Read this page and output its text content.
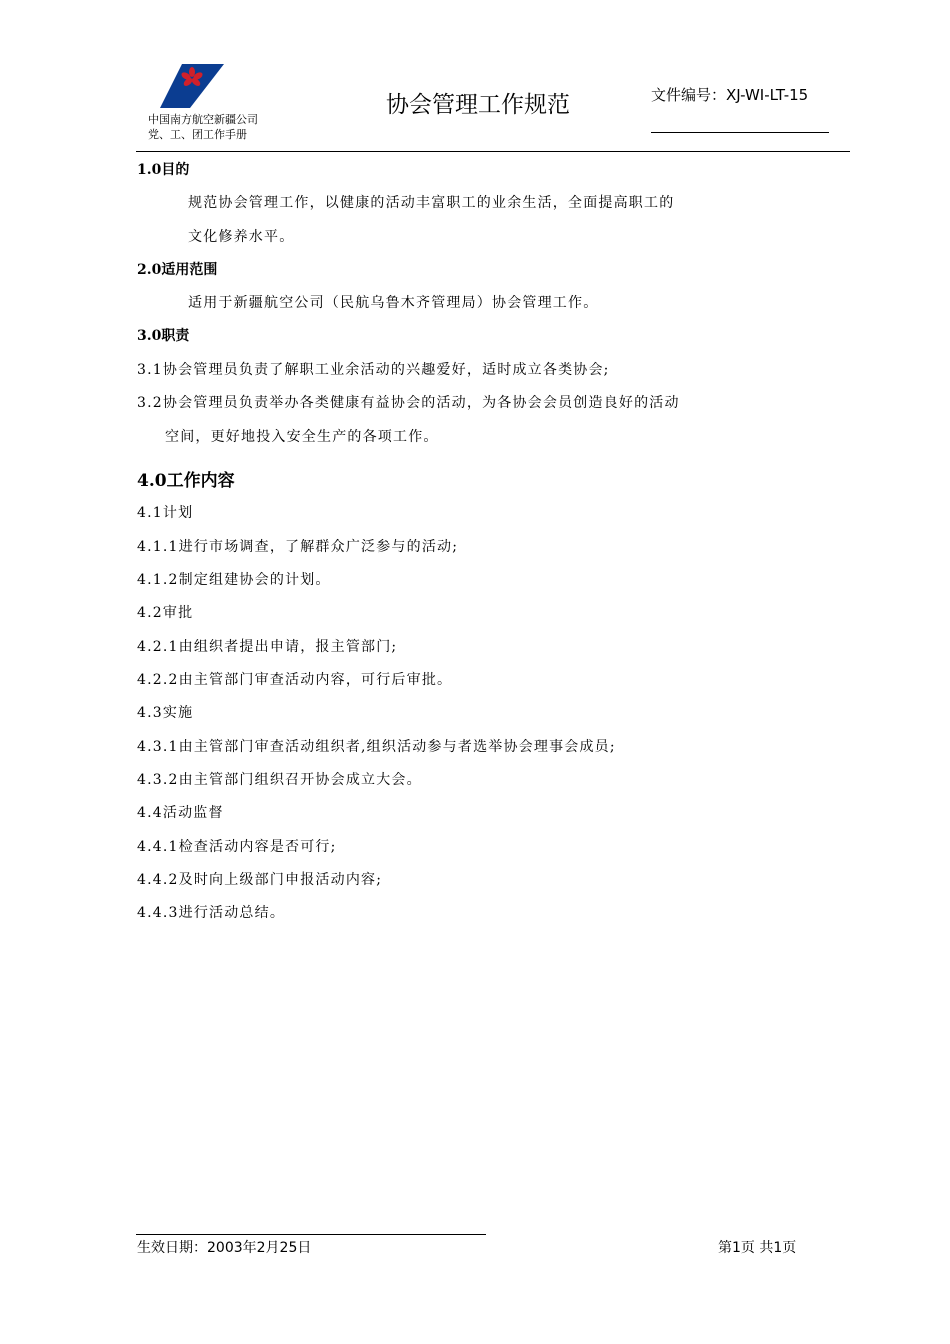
中国南方航空新疆公司
党、工、团工作手册
协会管理工作规范	文件编号：XJ-WI-LT-15
1.0目的
规范协会管理工作，以健康的活动丰富职工的业余生活，全面提高职工的
文化修养水平。
2.0适用范围
适用于新疆航空公司（民航乌鲁木齐管理局）协会管理工作。
3.0职责
3.1协会管理员负责了解职工业余活动的兴趣爱好，适时成立各类协会;
3.2协会管理员负责举办各类健康有益协会的活动，为各协会会员创造良好的活动
空间，更好地投入安全生产的各项工作。
4.0工作内容
4.1计划
4.1.1进行市场调查，了解群众广泛参与的活动;
4.1.2制定组建协会的计划。
4.2审批
4.2.1由组织者提出申请，报主管部门;
4.2.2由主管部门审查活动内容，可行后审批。
4.3实施
4.3.1由主管部门审查活动组织者,组织活动参与者选举协会理事会成员;
4.3.2由主管部门组织召开协会成立大会。
4.4活动监督
4.4.1检查活动内容是否可行;
4.4.2及时向上级部门申报活动内容;
4.4.3进行活动总结。
生效日期：2003年2月25日	第1页 共1页
